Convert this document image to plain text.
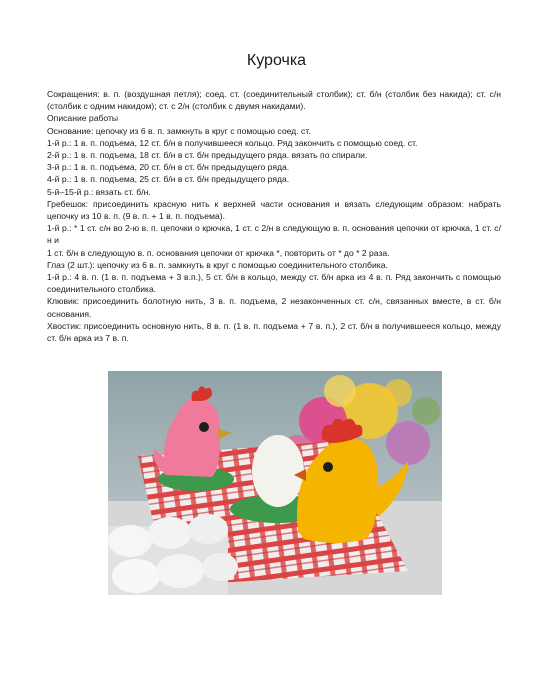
Курочка

Сокращения: в. п. (воздушная петля); соед. ст. (соединительный столбик); ст. б/н (столбик без накида); ст. с/н (столбик с одним накидом); ст. с 2/н (столбик с двумя накидами).

Описание работы

Основание: цепочку из 6 в. п. замкнуть в круг с помощью соед. ст.

1-й р.: 1 в. п. подъема, 12 ст. б/н в получившееся кольцо. Ряд закончить с помощью соед. ст.

2-й р.: 1 в. п. подъема, 18 ст. б/н в ст. б/н предыдущего ряда. вязать по спирали.

3-й р.: 1 в. п. подъема, 20 ст. б/н в ст. б/н предыдущего ряда.

4-й р.: 1 в. п. подъема, 25 ст. б/н в ст. б/н предыдущего ряда.

5-й–15-й р.: вязать ст. б/н.

Гребешок: присоединить красную нить к верхней части основания и вязать следующим образом: набрать цепочку из 10 в. п. (9 в. п. + 1 в. п. подъема).

1-й р.: * 1 ст. с/н во 2-ю в. п. цепочки о крючка, 1 ст. с 2/н в следующую в. п. основания цепочки от крючка, 1 ст. с/н и

1 ст. б/н в следующую в. п. основания цепочки от крючка *, повторить от * до * 2 раза.

Глаз (2 шт.): цепочку из 6 в. п. замкнуть в круг с помощью соединительного столбика.

1-й р.: 4 в. п. (1 в. п. подъема + 3 в.п.), 5 ст. б/н в кольцо, между ст. б/н арка из 4 в. п. Ряд закончить с помощью соединительного столбика.

Клювик: присоединить болотную нить, 3 в. п. подъема, 2 незаконченных ст. с/н, связанных вместе, в ст. б/н основания.

Хвостик: присоединить основную нить, 8 в. п. (1 в. п. подъема + 7 в. п.), 2 ст. б/н в получившееся кольцо, между ст. б/н арка из 7 в. п.
